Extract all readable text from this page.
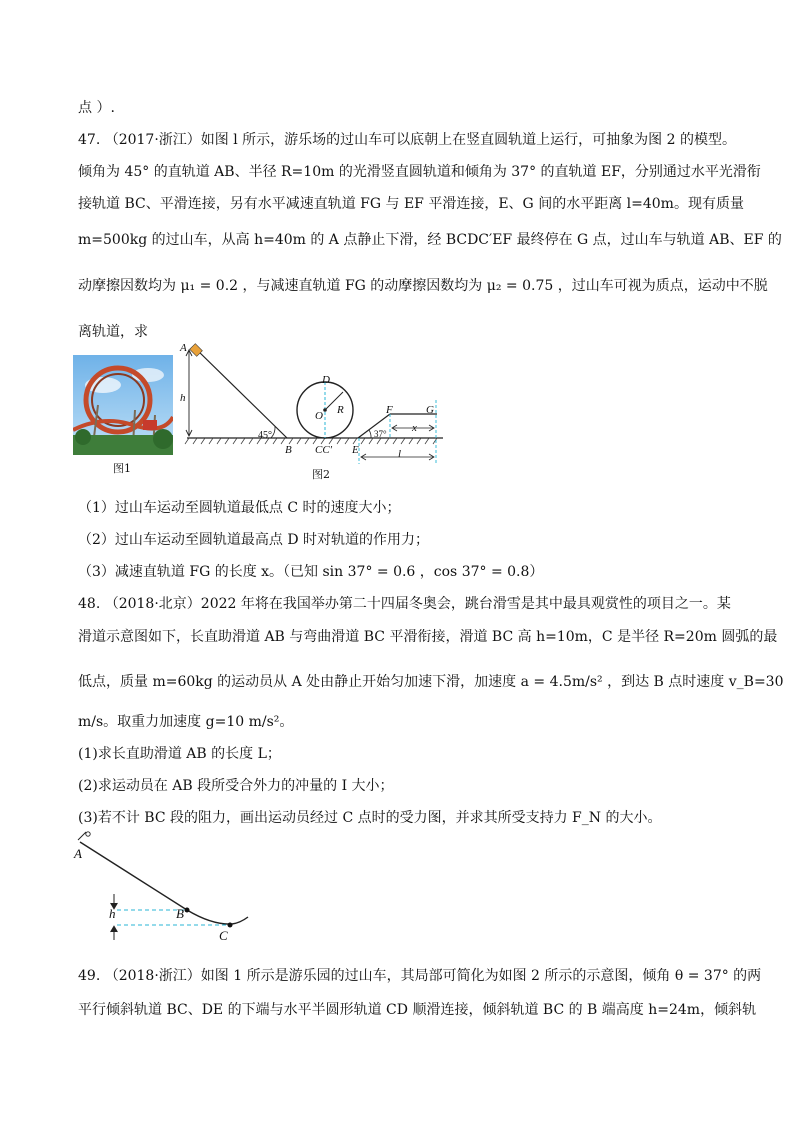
点 ）.
47. （2017·浙江）如图 l 所示，游乐场的过山车可以底朝上在竖直圆轨道上运行，可抽象为图 2 的模型。
倾角为 45° 的直轨道 AB、半径 R=10m 的光滑竖直圆轨道和倾角为 37° 的直轨道 EF，分别通过水平光滑衔
接轨道 BC、平滑连接，另有水平减速直轨道 FG 与 EF 平滑连接，E、G 间的水平距离 l=40m。现有质量
m=500kg 的过山车，从高 h=40m 的 A 点静止下滑，经 BCDC′EF 最终停在 G 点，过山车与轨道 AB、EF 的
动摩擦因数均为 μ₁ = 0.2 ，与减速直轨道 FG 的动摩擦因数均为 μ₂ = 0.75 ，过山车可视为质点，运动中不脱
离轨道，求
图1
A
h
45°
B
D
O R
CC′ E
F	G
37° x
l
图2
（1）过山车运动至圆轨道最低点 C 时的速度大小；
（2）过山车运动至圆轨道最高点 D 时对轨道的作用力；
（3）减速直轨道 FG 的长度 x。（已知 sin 37° = 0.6 ，cos 37° = 0.8）
48. （2018·北京）2022 年将在我国举办第二十四届冬奥会，跳台滑雪是其中最具观赏性的项目之一。某
滑道示意图如下，长直助滑道 AB 与弯曲滑道 BC 平滑衔接，滑道 BC 高 h=10m，C 是半径 R=20m 圆弧的最
低点，质量 m=60kg 的运动员从 A 处由静止开始匀加速下滑，加速度 a = 4.5m/s² ，到达 B 点时速度 v_B=30
m/s。取重力加速度 g=10 m/s²。
(1)求长直助滑道 AB 的长度 L；
(2)求运动员在 AB 段所受合外力的冲量的 I 大小；
(3)若不计 BC 段的阻力，画出运动员经过 C 点时的受力图，并求其所受支持力 F_N 的大小。
A
h	B
C
49. （2018·浙江）如图 1 所示是游乐园的过山车，其局部可简化为如图 2 所示的示意图，倾角 θ = 37° 的两
平行倾斜轨道 BC、DE 的下端与水平半圆形轨道 CD 顺滑连接，倾斜轨道 BC 的 B 端高度 h=24m，倾斜轨
